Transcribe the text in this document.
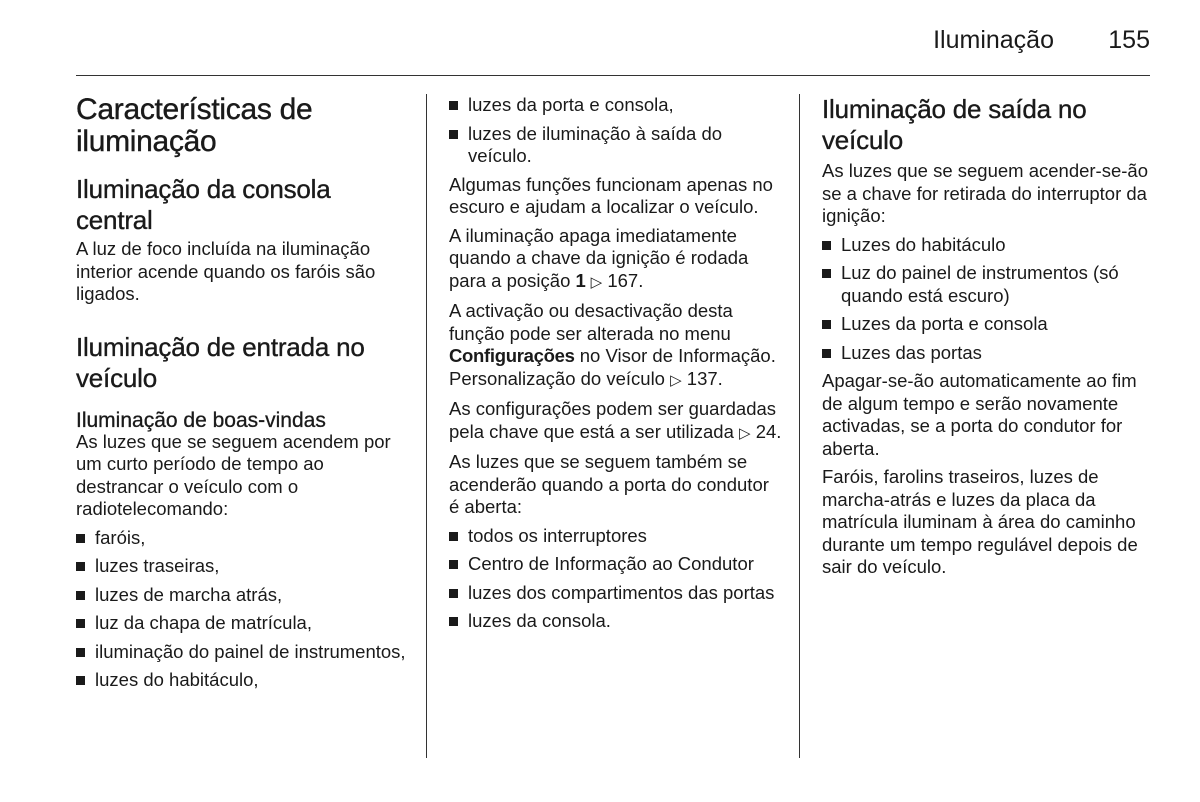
Iluminação 155
Características de iluminação
Iluminação da consola central

A luz de foco incluída na iluminação interior acende quando os faróis são ligados.

Iluminação de entrada no veículo
Iluminação de boas-vindas

As luzes que se seguem acendem por um curto período de tempo ao destrancar o veículo com o radiotelecomando:

faróis,
luzes traseiras,
luzes de marcha atrás,
luz da chapa de matrícula,
iluminação do painel de instrumentos,
luzes do habitáculo,
luzes da porta e consola,
luzes de iluminação à saída do veículo.

Algumas funções funcionam apenas no escuro e ajudam a localizar o veículo.

A iluminação apaga imediatamente quando a chave da ignição é rodada para a posição 1 ▷ 167.

A activação ou desactivação desta função pode ser alterada no menu Configurações no Visor de Informação. Personalização do veículo ▷ 137.

As configurações podem ser guardadas pela chave que está a ser utilizada ▷ 24.

As luzes que se seguem também se acenderão quando a porta do condutor é aberta:

todos os interruptores
Centro de Informação ao Condutor
luzes dos compartimentos das portas
luzes da consola.
Iluminação de saída no veículo

As luzes que se seguem acender-se-ão se a chave for retirada do interruptor da ignição:

Luzes do habitáculo
Luz do painel de instrumentos (só quando está escuro)
Luzes da porta e consola
Luzes das portas

Apagar-se-ão automaticamente ao fim de algum tempo e serão novamente activadas, se a porta do condutor for aberta.

Faróis, farolins traseiros, luzes de marcha-atrás e luzes da placa da matrícula iluminam à área do caminho durante um tempo regulável depois de sair do veículo.
